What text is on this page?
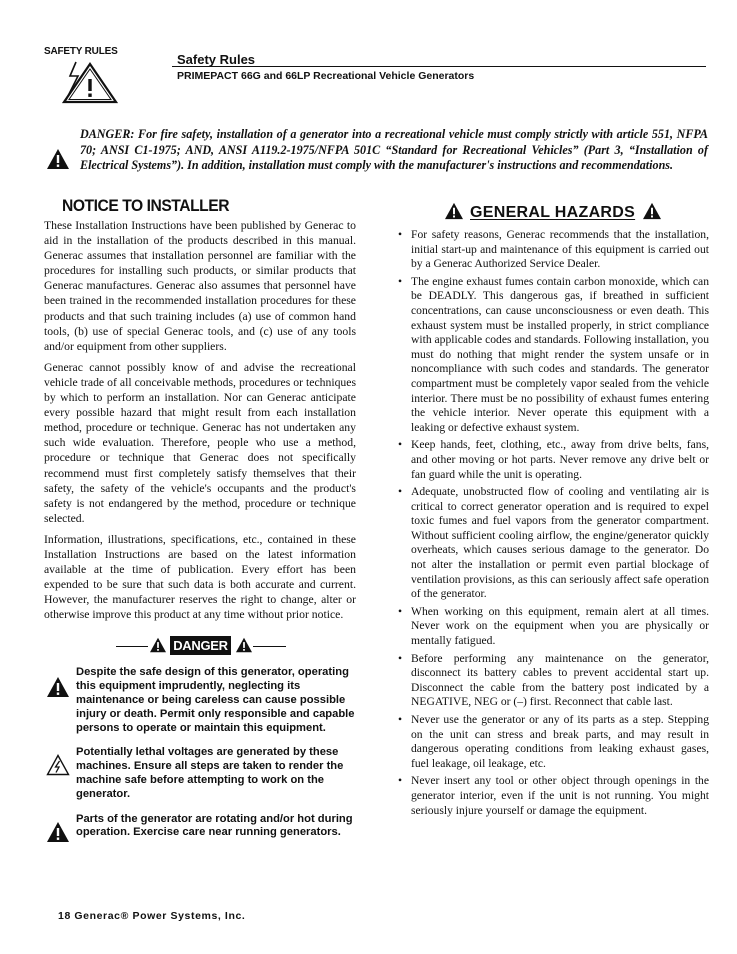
SAFETY RULES
Safety Rules
PRIMEPACT 66G and 66LP Recreational Vehicle Generators

DANGER: For fire safety, installation of a generator into a recreational vehicle must comply strictly with article 551, NFPA 70; ANSI C1-1975; AND, ANSI A119.2-1975/NFPA 501C “Standard for Recreational Vehicles” (Part 3, “Installation of Electrical Systems”). In addition, installation must comply with the manufacturer's instructions and recommendations.

NOTICE TO INSTALLER

These Installation Instructions have been published by Generac to aid in the installation of the products described in this manual. Generac assumes that installation personnel are familiar with the procedures for installing such products, or similar products that Generac manufactures. Generac also assumes that personnel have been trained in the recommended installation procedures for these products and that such training includes (a) use of common hand tools, (b) use of special Generac tools, and (c) use of any tools and/or equipment from other suppliers.

Generac cannot possibly know of and advise the recreational vehicle trade of all conceivable methods, procedures or techniques by which to perform an installation. Nor can Generac anticipate every possible hazard that might result from each installation method, procedure or technique. Generac has not undertaken any such wide evaluation. Therefore, people who use a method, procedure or technique that Generac does not specifically recommend must first completely satisfy themselves that their safety, the safety of the vehicle's occupants and the product's safety is not endangered by the method, procedure or technique selected.

Information, illustrations, specifications, etc., contained in these Installation Instructions are based on the latest information available at the time of publication. Every effort has been expended to be sure that such data is both accurate and current. However, the manufacturer reserves the right to change, alter or otherwise improve this product at any time without prior notice.

DANGER

Despite the safe design of this generator, operating this equipment imprudently, neglecting its maintenance or being careless can cause possible injury or death. Permit only responsible and capable persons to operate or maintain this equipment.

Potentially lethal voltages are generated by these machines. Ensure all steps are taken to render the machine safe before attempting to work on the generator.

Parts of the generator are rotating and/or hot during operation. Exercise care near running generators.

GENERAL HAZARDS
• For safety reasons, Generac recommends that the installation, initial start-up and maintenance of this equipment is carried out by a Generac Authorized Service Dealer.
• The engine exhaust fumes contain carbon monoxide, which can be DEADLY. This dangerous gas, if breathed in sufficient concentrations, can cause unconsciousness or even death. This exhaust system must be installed properly, in strict compliance with applicable codes and standards. Following installation, you must do nothing that might render the system unsafe or in noncompliance with such codes and standards. The generator compartment must be completely vapor sealed from the vehicle interior. There must be no possibility of exhaust fumes entering the vehicle interior. Never operate this equipment with a leaking or defective exhaust system.
• Keep hands, feet, clothing, etc., away from drive belts, fans, and other moving or hot parts. Never remove any drive belt or fan guard while the unit is operating.
• Adequate, unobstructed flow of cooling and ventilating air is critical to correct generator operation and is required to expel toxic fumes and fuel vapors from the generator compartment. Without sufficient cooling airflow, the engine/generator quickly overheats, which causes serious damage to the generator. Do not alter the installation or permit even partial blockage of ventilation provisions, as this can seriously affect safe operation of the generator.
• When working on this equipment, remain alert at all times. Never work on the equipment when you are physically or mentally fatigued.
• Before performing any maintenance on the generator, disconnect its battery cables to prevent accidental start up. Disconnect the cable from the battery post indicated by a NEGATIVE, NEG or (–) first. Reconnect that cable last.
• Never use the generator or any of its parts as a step. Stepping on the unit can stress and break parts, and may result in dangerous operating conditions from leaking exhaust gases, fuel leakage, oil leakage, etc.
• Never insert any tool or other object through openings in the generator interior, even if the unit is not running. You might seriously injure yourself or damage the equipment.
18 Generac® Power Systems, Inc.
